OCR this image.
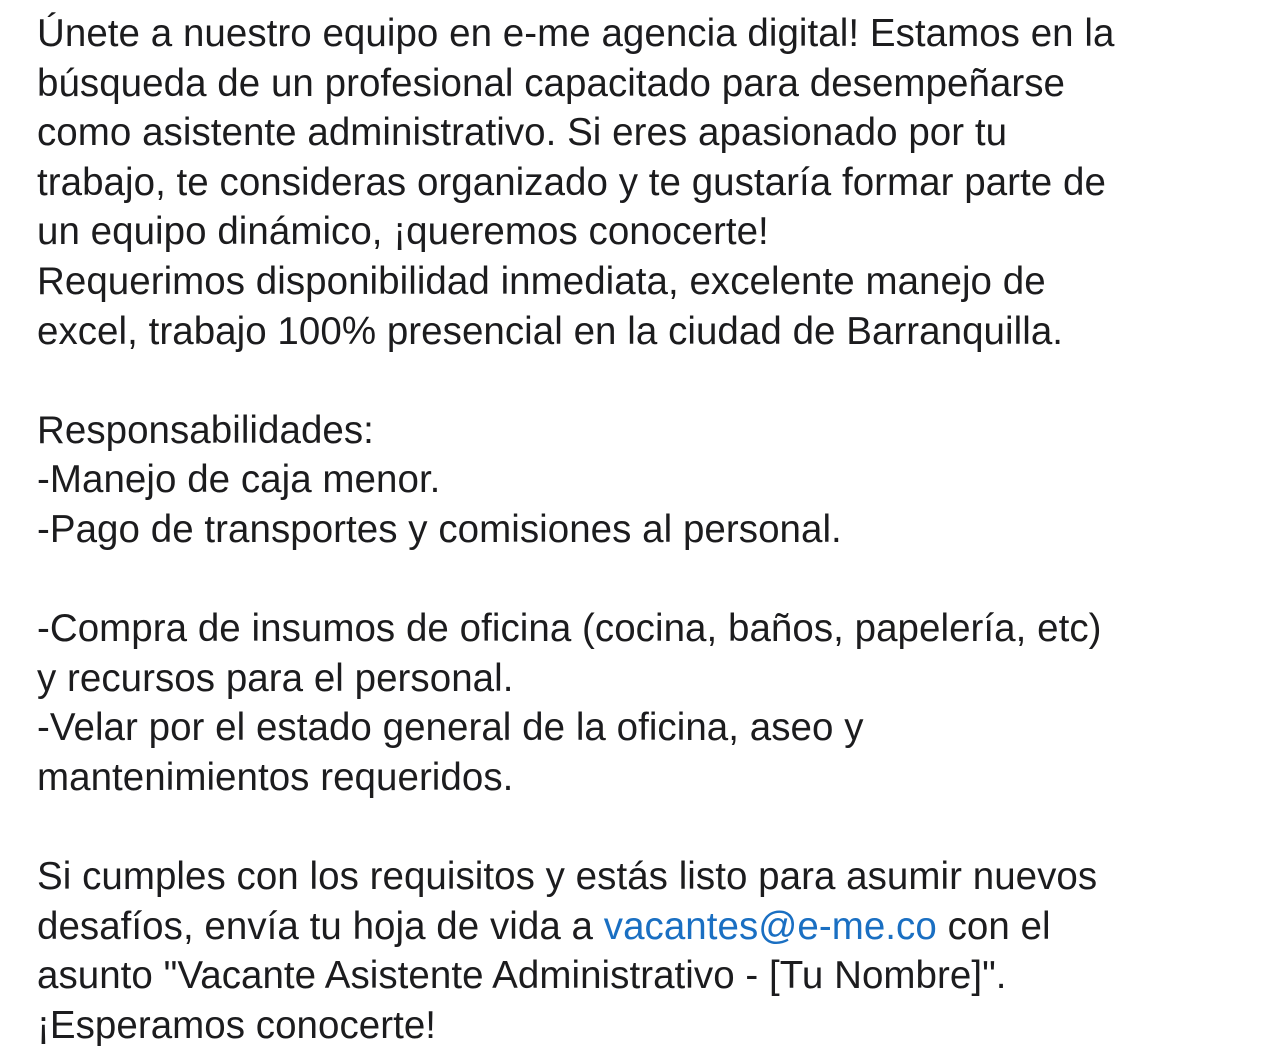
Únete a nuestro equipo en e-me agencia digital! Estamos en la
búsqueda de un profesional capacitado para desempeñarse
como asistente administrativo. Si eres apasionado por tu
trabajo, te consideras organizado y te gustaría formar parte de
un equipo dinámico, ¡queremos conocerte!
Requerimos disponibilidad inmediata, excelente manejo de
excel, trabajo 100% presencial en la ciudad de Barranquilla.
Responsabilidades:
-Manejo de caja menor.
-Pago de transportes y comisiones al personal.
-Compra de insumos de oficina (cocina, baños, papelería, etc)
y recursos para el personal.
-Velar por el estado general de la oficina, aseo y
mantenimientos requeridos.
Si cumples con los requisitos y estás listo para asumir nuevos
desafíos, envía tu hoja de vida a vacantes@e-me.co con el
asunto "Vacante Asistente Administrativo - [Tu Nombre]".
¡Esperamos conocerte!
